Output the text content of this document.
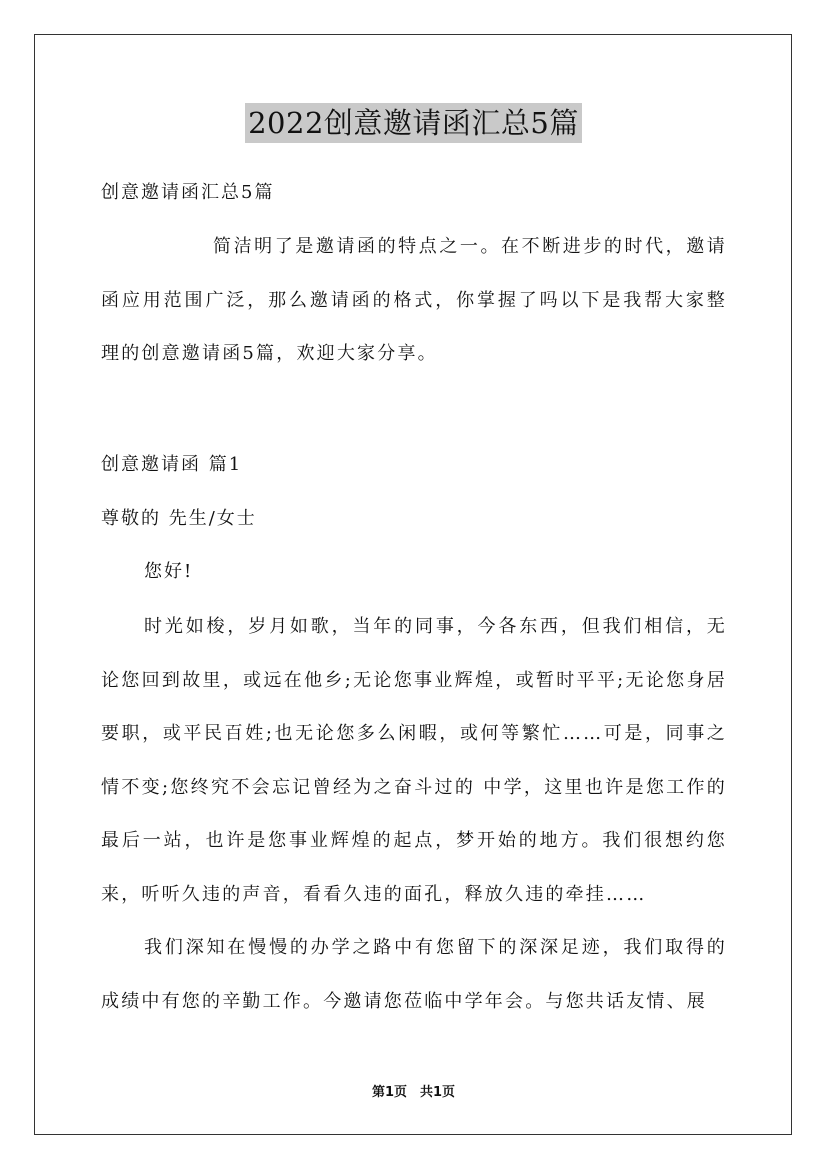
2022创意邀请函汇总5篇

创意邀请函汇总5篇

简洁明了是邀请函的特点之一。在不断进步的时代，邀请函应用范围广泛，那么邀请函的格式，你掌握了吗以下是我帮大家整理的创意邀请函5篇，欢迎大家分享。

创意邀请函 篇1

尊敬的 先生/女士

您好!

时光如梭，岁月如歌，当年的同事，今各东西，但我们相信，无论您回到故里，或远在他乡;无论您事业辉煌，或暂时平平;无论您身居要职，或平民百姓;也无论您多么闲暇，或何等繁忙……可是，同事之情不变;您终究不会忘记曾经为之奋斗过的 中学，这里也许是您工作的最后一站，也许是您事业辉煌的起点，梦开始的地方。我们很想约您来，听听久违的声音，看看久违的面孔，释放久违的牵挂……

我们深知在慢慢的办学之路中有您留下的深深足迹，我们取得的成绩中有您的辛勤工作。今邀请您莅临中学年会。与您共话友情、展

第1页　共1页
